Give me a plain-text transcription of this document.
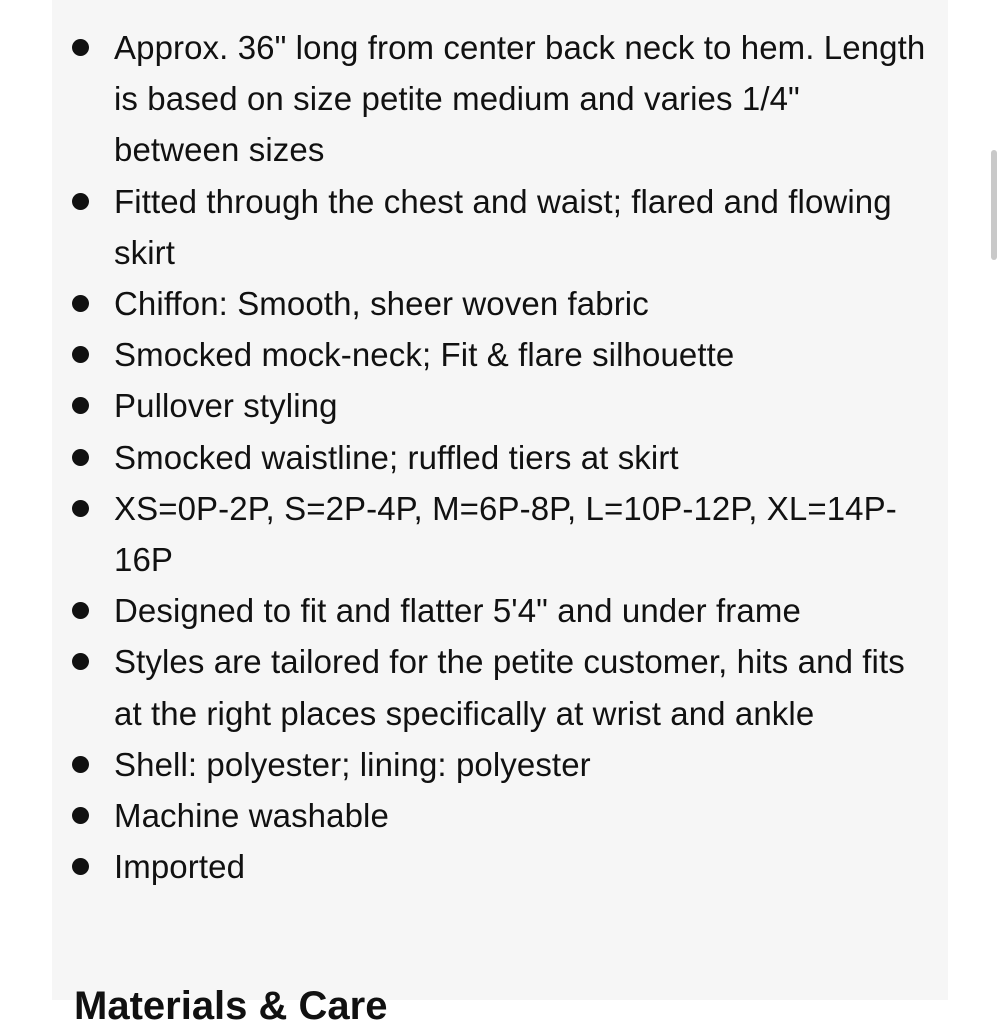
Approx. 36" long from center back neck to hem. Length is based on size petite medium and varies 1/4" between sizes
Fitted through the chest and waist; flared and flowing skirt
Chiffon: Smooth, sheer woven fabric
Smocked mock-neck; Fit & flare silhouette
Pullover styling
Smocked waistline; ruffled tiers at skirt
XS=0P-2P, S=2P-4P, M=6P-8P, L=10P-12P, XL=14P-16P
Designed to fit and flatter 5'4" and under frame
Styles are tailored for the petite customer, hits and fits at the right places specifically at wrist and ankle
Shell: polyester; lining: polyester
Machine washable
Imported
Materials & Care
